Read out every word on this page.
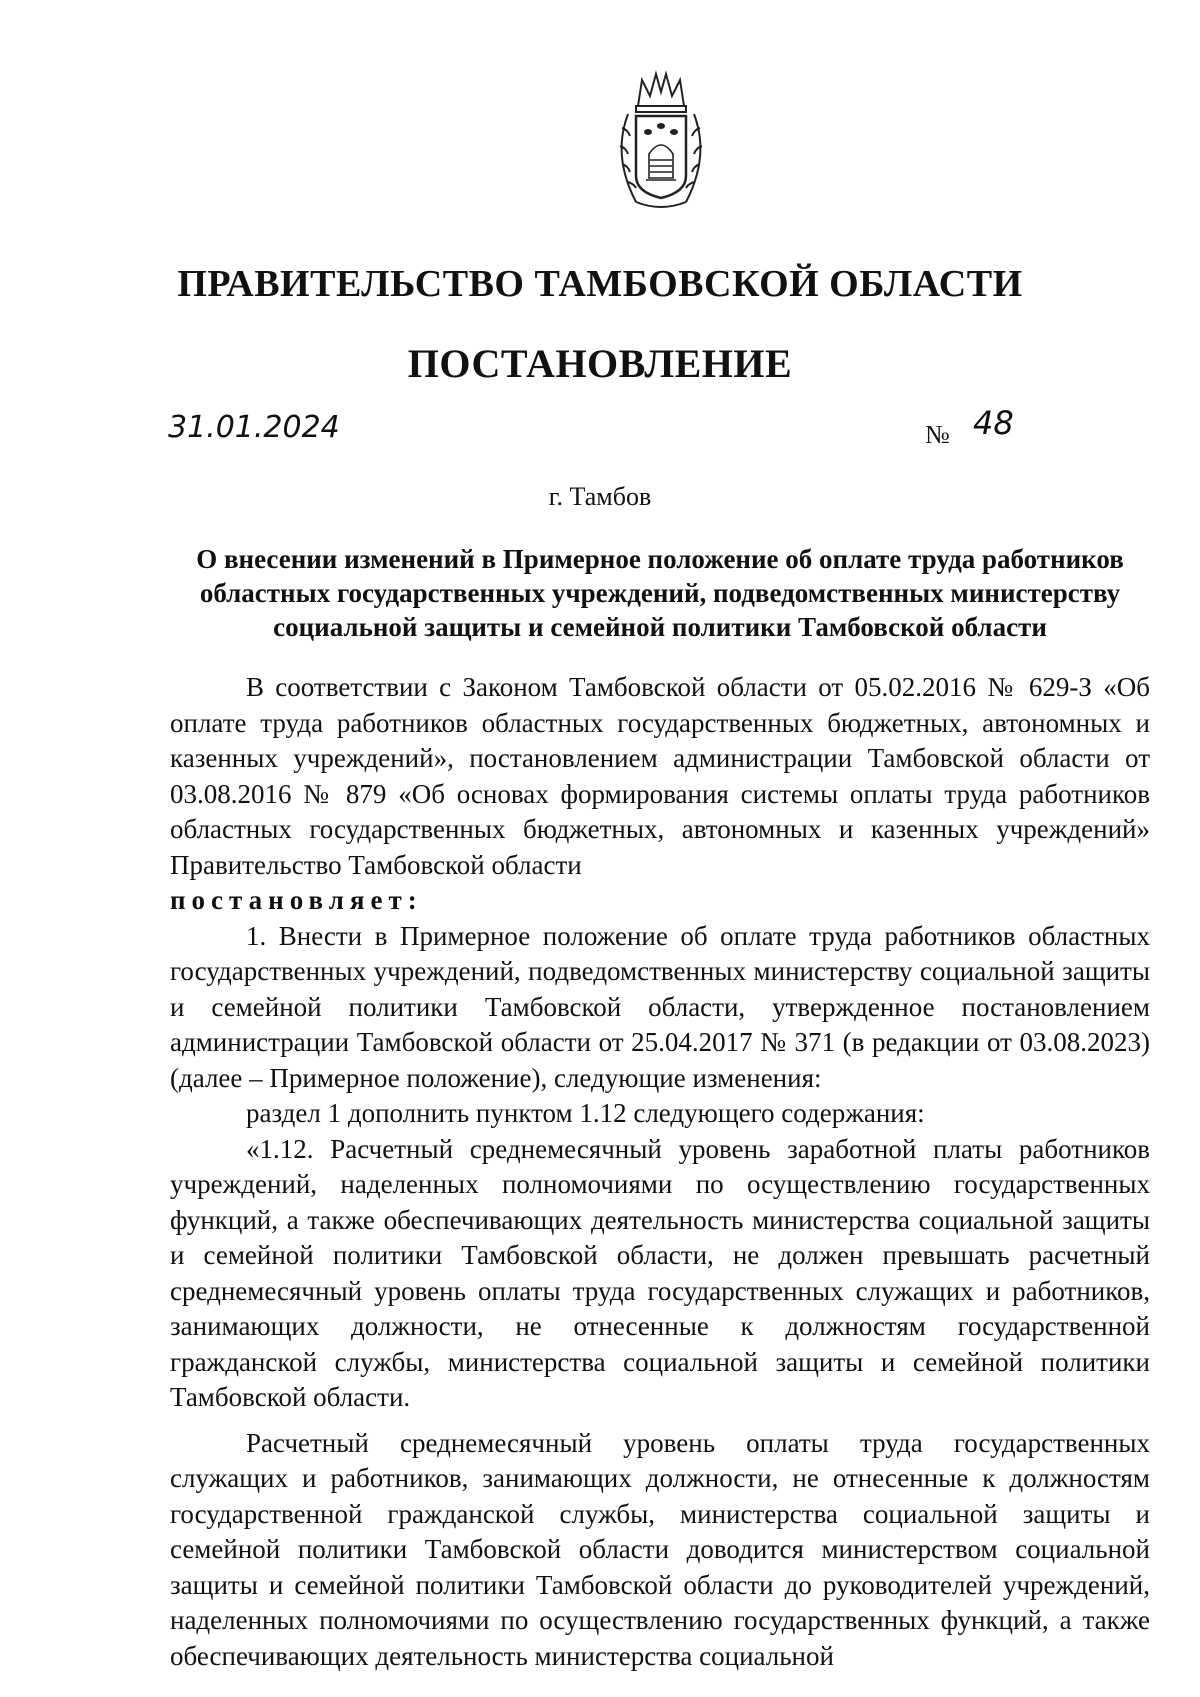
ПРАВИТЕЛЬСТВО ТАМБОВСКОЙ ОБЛАСТИ
ПОСТАНОВЛЕНИЕ
31.01.2024	№ 48
г. Тамбов
О внесении изменений в Примерное положение об оплате труда работников областных государственных учреждений, подведомственных министерству социальной защиты и семейной политики Тамбовской области

В соответствии с Законом Тамбовской области от 05.02.2016 № 629-З «Об оплате труда работников областных государственных бюджетных, автономных и казенных учреждений», постановлением администрации Тамбовской области от 03.08.2016 № 879 «Об основах формирования системы оплаты труда работников областных государственных бюджетных, автономных и казенных учреждений» Правительство Тамбовской области

постановляет:

1. Внести в Примерное положение об оплате труда работников областных государственных учреждений, подведомственных министерству социальной защиты и семейной политики Тамбовской области, утвержденное постановлением администрации Тамбовской области от 25.04.2017 № 371 (в редакции от 03.08.2023) (далее – Примерное положение), следующие изменения:

раздел 1 дополнить пунктом 1.12 следующего содержания:

«1.12. Расчетный среднемесячный уровень заработной платы работников учреждений, наделенных полномочиями по осуществлению государственных функций, а также обеспечивающих деятельность министерства социальной защиты и семейной политики Тамбовской области, не должен превышать расчетный среднемесячный уровень оплаты труда государственных служащих и работников, занимающих должности, не отнесенные к должностям государственной гражданской службы, министерства социальной защиты и семейной политики Тамбовской области.

Расчетный среднемесячный уровень оплаты труда государственных служащих и работников, занимающих должности, не отнесенные к должностям государственной гражданской службы, министерства социальной защиты и семейной политики Тамбовской области доводится министерством социальной защиты и семейной политики Тамбовской области до руководителей учреждений, наделенных полномочиями по осуществлению государственных функций, а также обеспечивающих деятельность министерства социальной
